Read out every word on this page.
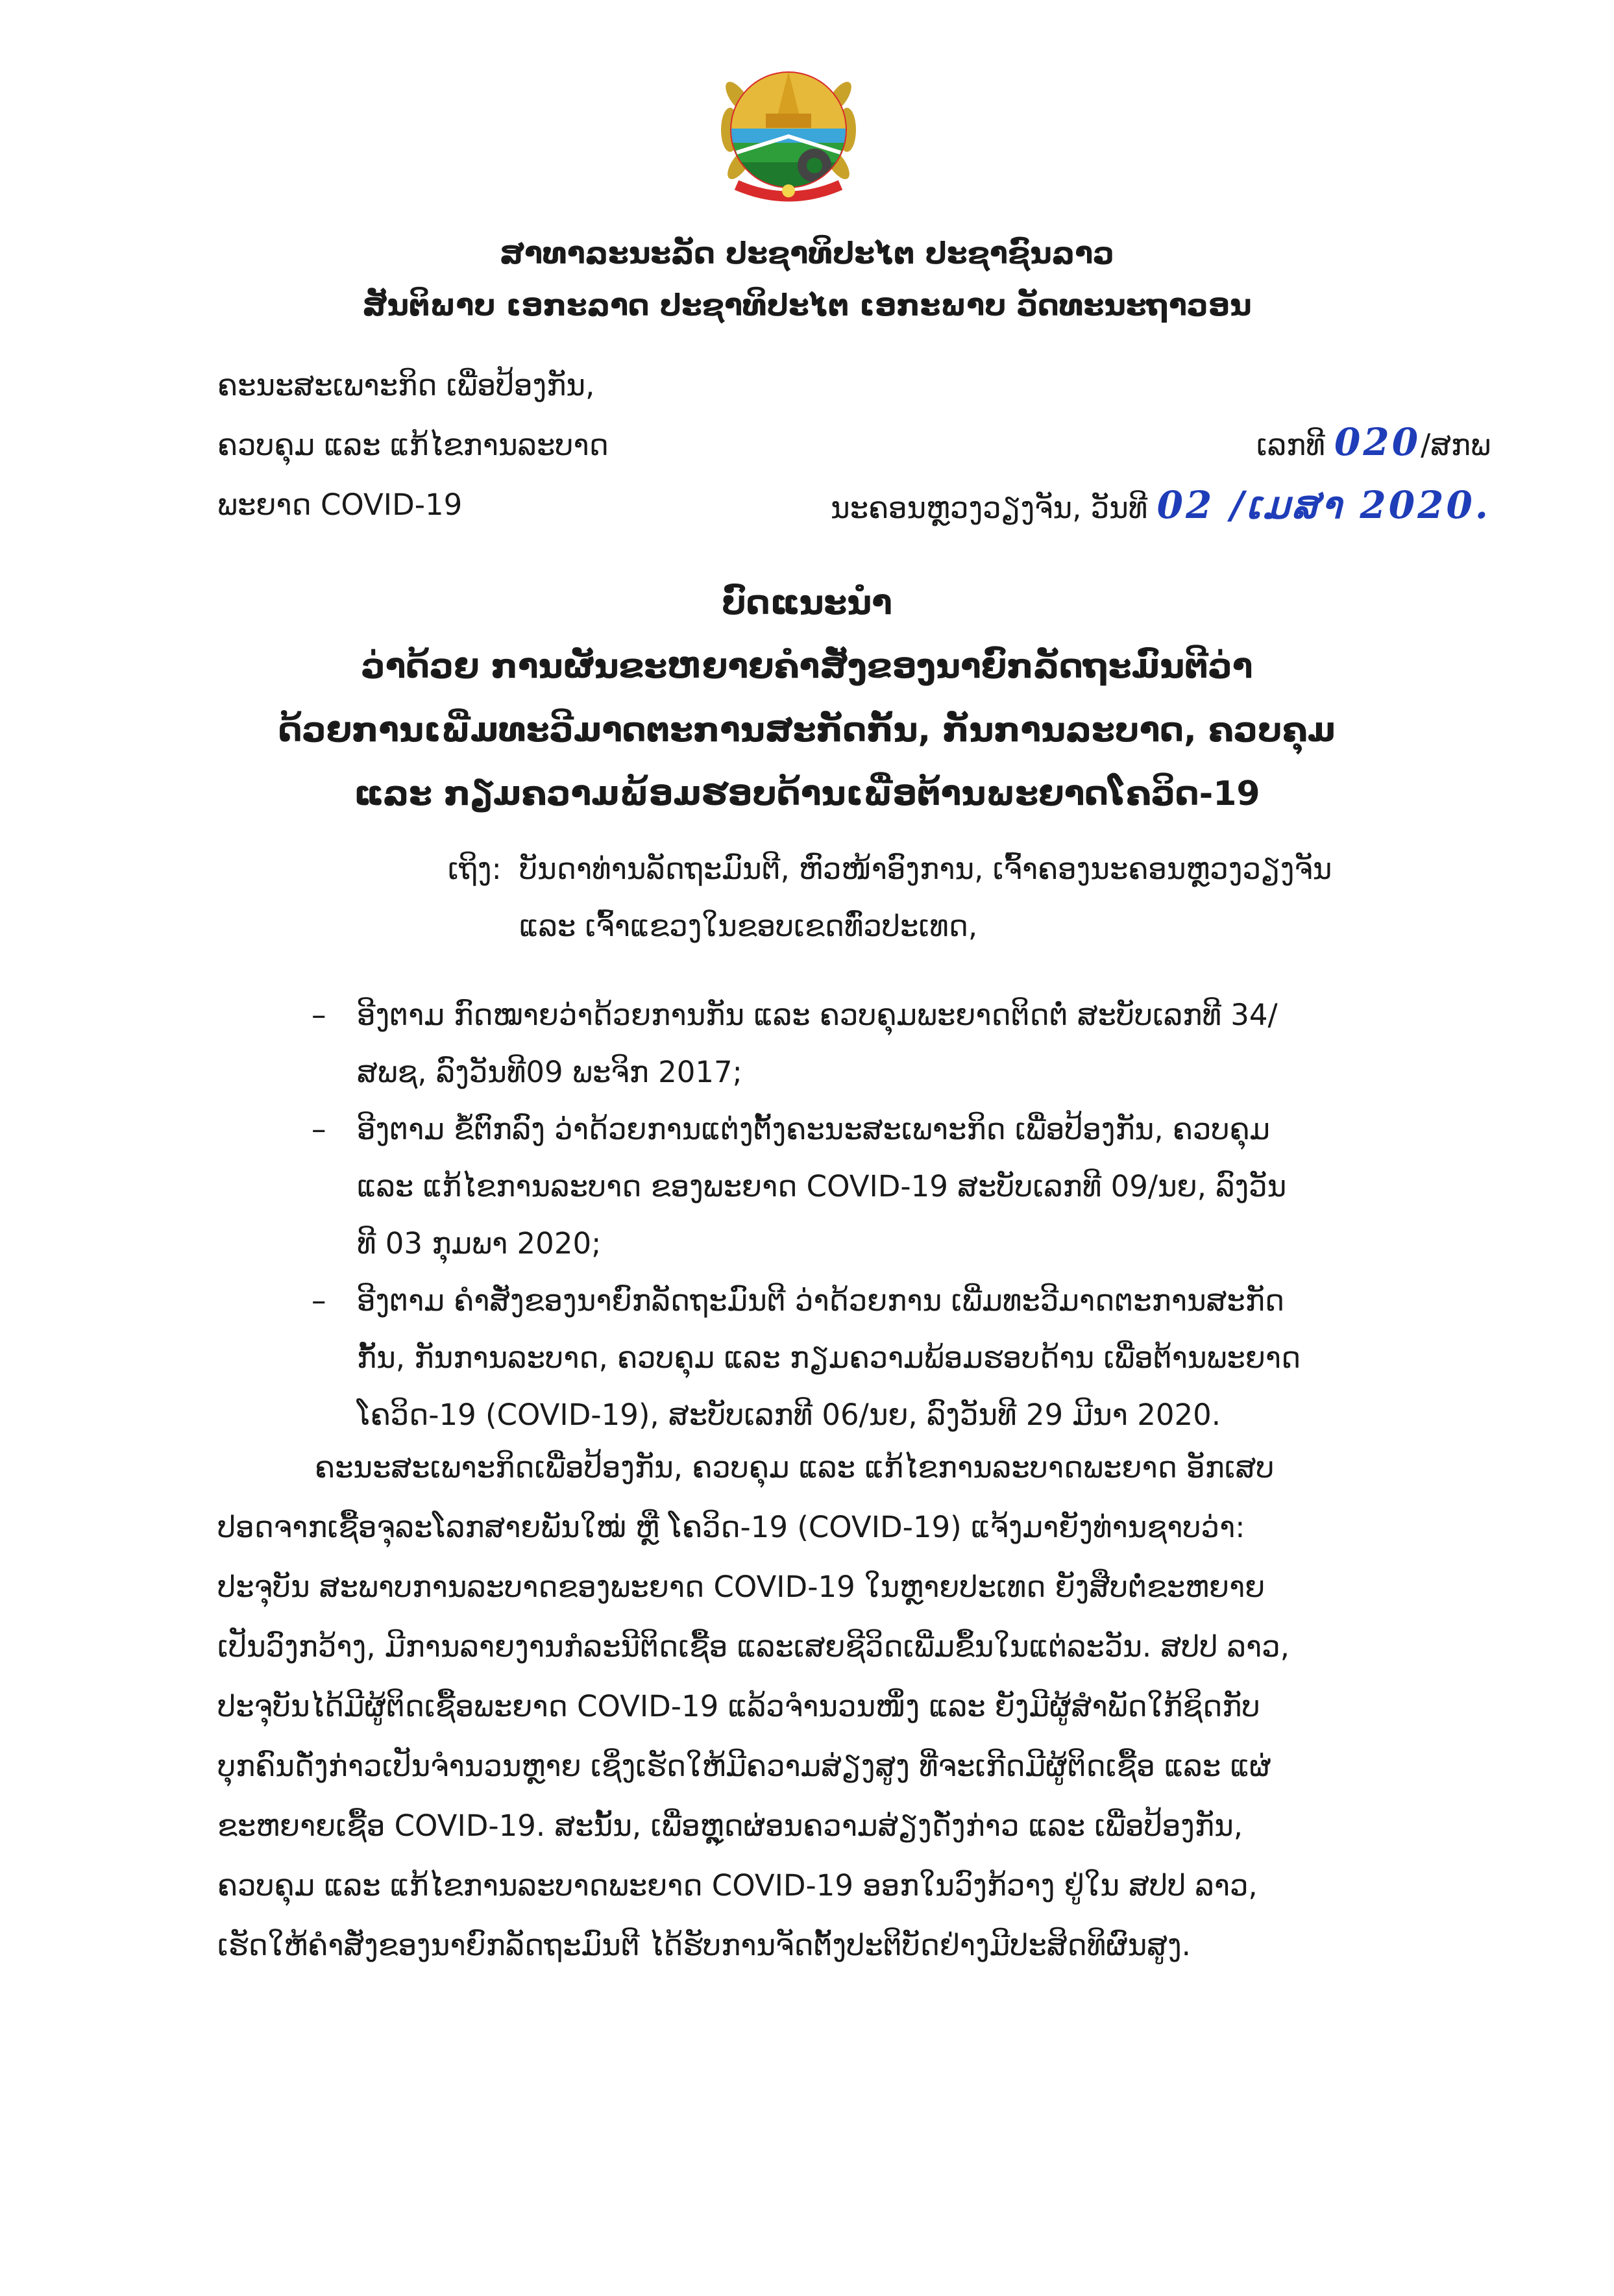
ສາທາລະນະລັດ ປະຊາທິປະໄຕ ປະຊາຊົນລາວ
ສັນຕິພາບ ເອກະລາດ ປະຊາທິປະໄຕ ເອກະພາບ ວັດທະນະຖາວອນ
ຄະນະສະເພາະກິດ ເພື່ອປ້ອງກັນ,
ຄວບຄຸມ ແລະ ແກ້ໄຂການລະບາດ
ພະຍາດ COVID-19
ເລກທີ 020/ສກພ
ນະຄອນຫຼວງວຽງຈັນ, ວັນທີ 02 /ເມສາ 2020.
ບົດແນະນຳ
ວ່າດ້ວຍ ການຜັນຂະຫຍາຍຄຳສັ່ງຂອງນາຍົກລັດຖະມົນຕີວ່າ
ດ້ວຍການເພີ່ມທະວີມາດຕະການສະກັດກັ້ນ, ກັນການລະບາດ, ຄວບຄຸມ
ແລະ ກຽມຄວາມພ້ອມຮອບດ້ານເພື່ອຕ້ານພະຍາດໂຄວິດ-19
ເຖິງ: ບັນດາທ່ານລັດຖະມົນຕີ, ຫົວໜ້າອົງການ, ເຈົ້າຄອງນະຄອນຫຼວງວຽງຈັນ
ແລະ ເຈົ້າແຂວງໃນຂອບເຂດທົ່ວປະເທດ,
– ອີງຕາມ ກົດໝາຍວ່າດ້ວຍການກັນ ແລະ ຄວບຄຸມພະຍາດຕິດຕໍ່ ສະບັບເລກທີ 34/
ສພຊ, ລົງວັນທີ09 ພະຈິກ 2017;
– ອີງຕາມ ຂໍ້ຕົກລົງ ວ່າດ້ວຍການແຕ່ງຕັ້ງຄະນະສະເພາະກິດ ເພື່ອປ້ອງກັນ, ຄວບຄຸມ
ແລະ ແກ້ໄຂການລະບາດ ຂອງພະຍາດ COVID-19 ສະບັບເລກທີ 09/ນຍ, ລົງວັນ
ທີ 03 ກຸມພາ 2020;
– ອີງຕາມ ຄຳສັ່ງຂອງນາຍົກລັດຖະມົນຕີ ວ່າດ້ວຍການ ເພີ່ມທະວີມາດຕະການສະກັດ
ກັ້ນ, ກັນການລະບາດ, ຄວບຄຸມ ແລະ ກຽມຄວາມພ້ອມຮອບດ້ານ ເພື່ອຕ້ານພະຍາດ
ໂຄວິດ-19 (COVID-19), ສະບັບເລກທີ 06/ນຍ, ລົງວັນທີ 29 ມີນາ 2020.
ຄະນະສະເພາະກິດເພື່ອປ້ອງກັນ, ຄວບຄຸມ ແລະ ແກ້ໄຂການລະບາດພະຍາດ ອັກເສບ
ປອດຈາກເຊື້ອຈຸລະໂລກສາຍພັນໃໝ່ ຫຼື ໂຄວິດ-19 (COVID-19) ແຈ້ງມາຍັງທ່ານຊາບວ່າ:
ປະຈຸບັນ ສະພາບການລະບາດຂອງພະຍາດ COVID-19 ໃນຫຼາຍປະເທດ ຍັງສືບຕໍ່ຂະຫຍາຍ
ເປັນວົງກວ້າງ, ມີການລາຍງານກໍລະນີຕິດເຊື້ອ ແລະເສຍຊີວິດເພີ່ມຂຶ້ນໃນແຕ່ລະວັນ. ສປປ ລາວ,
ປະຈຸບັນໄດ້ມີຜູ້ຕິດເຊື້ອພະຍາດ COVID-19 ແລ້ວຈຳນວນໜຶ່ງ ແລະ ຍັງມີຜູ້ສຳພັດໃກ້ຊິດກັບ
ບຸກຄົນດັ່ງກ່າວເປັນຈຳນວນຫຼາຍ ເຊິ່ງເຮັດໃຫ້ມີຄວາມສ່ຽງສູງ ທີ່ຈະເກີດມີຜູ້ຕິດເຊື້ອ ແລະ ແຜ່
ຂະຫຍາຍເຊື້ອ COVID-19. ສະນັ້ນ, ເພື່ອຫຼຸດຜ່ອນຄວາມສ່ຽງດັ່ງກ່າວ ແລະ ເພື່ອປ້ອງກັນ,
ຄວບຄຸມ ແລະ ແກ້ໄຂການລະບາດພະຍາດ COVID-19 ອອກໃນວົງກ້ວາງ ຢູ່ໃນ ສປປ ລາວ,
ເຮັດໃຫ້ຄຳສັ່ງຂອງນາຍົກລັດຖະມົນຕີ ໄດ້ຮັບການຈັດຕັ້ງປະຕິບັດຢ່າງມີປະສິດທິຜົນສູງ.
